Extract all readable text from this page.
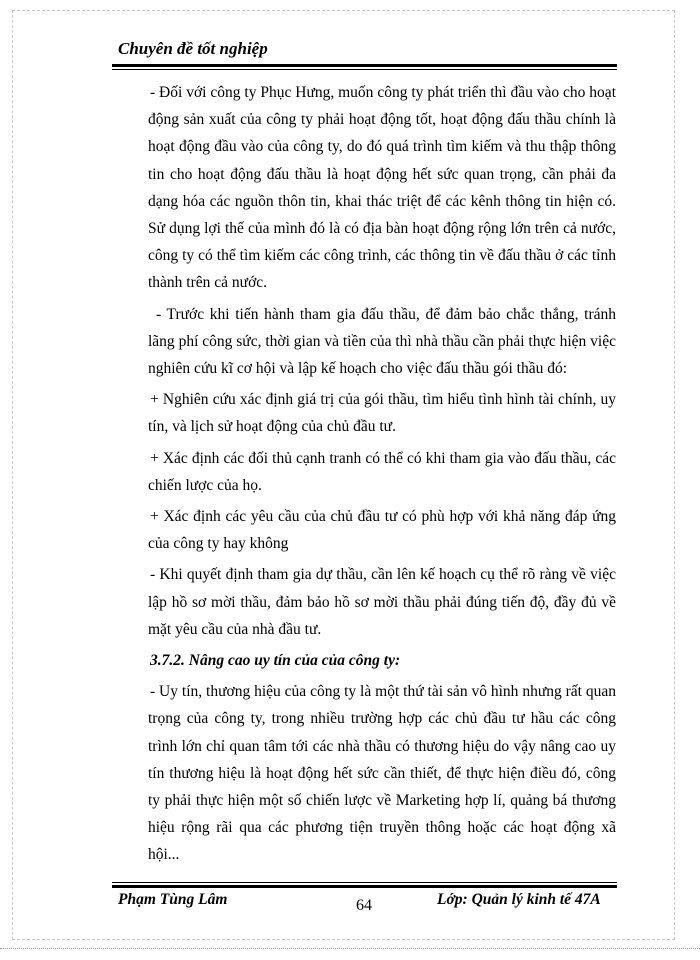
Chuyên đề tốt nghiệp

- Đối với công ty Phục Hưng, muốn công ty phát triển thì đầu vào cho hoạt động sản xuất của công ty phải hoạt động tốt, hoạt động đấu thầu chính là hoạt động đầu vào của công ty, do đó quá trình tìm kiếm và thu thập thông tin cho hoạt động đấu thầu là hoạt động hết sức quan trọng, cần phải đa dạng hóa các nguồn thôn tin, khai thác triệt để các kênh thông tin hiện có. Sử dụng lợi thế của mình đó là có địa bàn hoạt động rộng lớn trên cả nước, công ty có thể tìm kiếm các công trình, các thông tin về đấu thầu ở các tỉnh thành trên cả nước.

- Trước khi tiến hành tham gia đấu thầu, để đảm bảo chắc thắng, tránh lãng phí công sức, thời gian và tiền của thì nhà thầu cần phải thực hiện việc nghiên cứu kĩ cơ hội và lập kế hoạch cho việc đấu thầu gói thầu đó:

+ Nghiên cứu xác định giá trị của gói thầu, tìm hiểu tình hình tài chính, uy tín, và lịch sử hoạt động của chủ đầu tư.

+ Xác định các đối thủ cạnh tranh có thể có khi tham gia vào đấu thầu, các chiến lược của họ.

+ Xác định các yêu cầu của chủ đầu tư có phù hợp với khả năng đáp ứng của công ty hay không

- Khi quyết định tham gia dự thầu, cần lên kế hoạch cụ thể rõ ràng về việc lập hồ sơ mời thầu, đảm bảo hồ sơ mời thầu phải đúng tiến độ, đầy đủ về mặt yêu cầu của nhà đầu tư.

3.7.2. Nâng cao uy tín của của công ty:

- Uy tín, thương hiệu của công ty là một thứ tài sản vô hình nhưng rất quan trọng của công ty, trong nhiều trường hợp các chủ đầu tư hầu các công trình lớn chỉ quan tâm tới các nhà thầu có thương hiệu do vậy nâng cao uy tín thương hiệu là hoạt động hết sức cần thiết, để thực hiện điều đó, công ty phải thực hiện một số chiến lược về Marketing hợp lí, quảng bá thương hiệu rộng rãi qua các phương tiện truyền thông hoặc các hoạt động xã hội...

Phạm Tùng Lâm	64	Lớp: Quản lý kinh tế 47A
